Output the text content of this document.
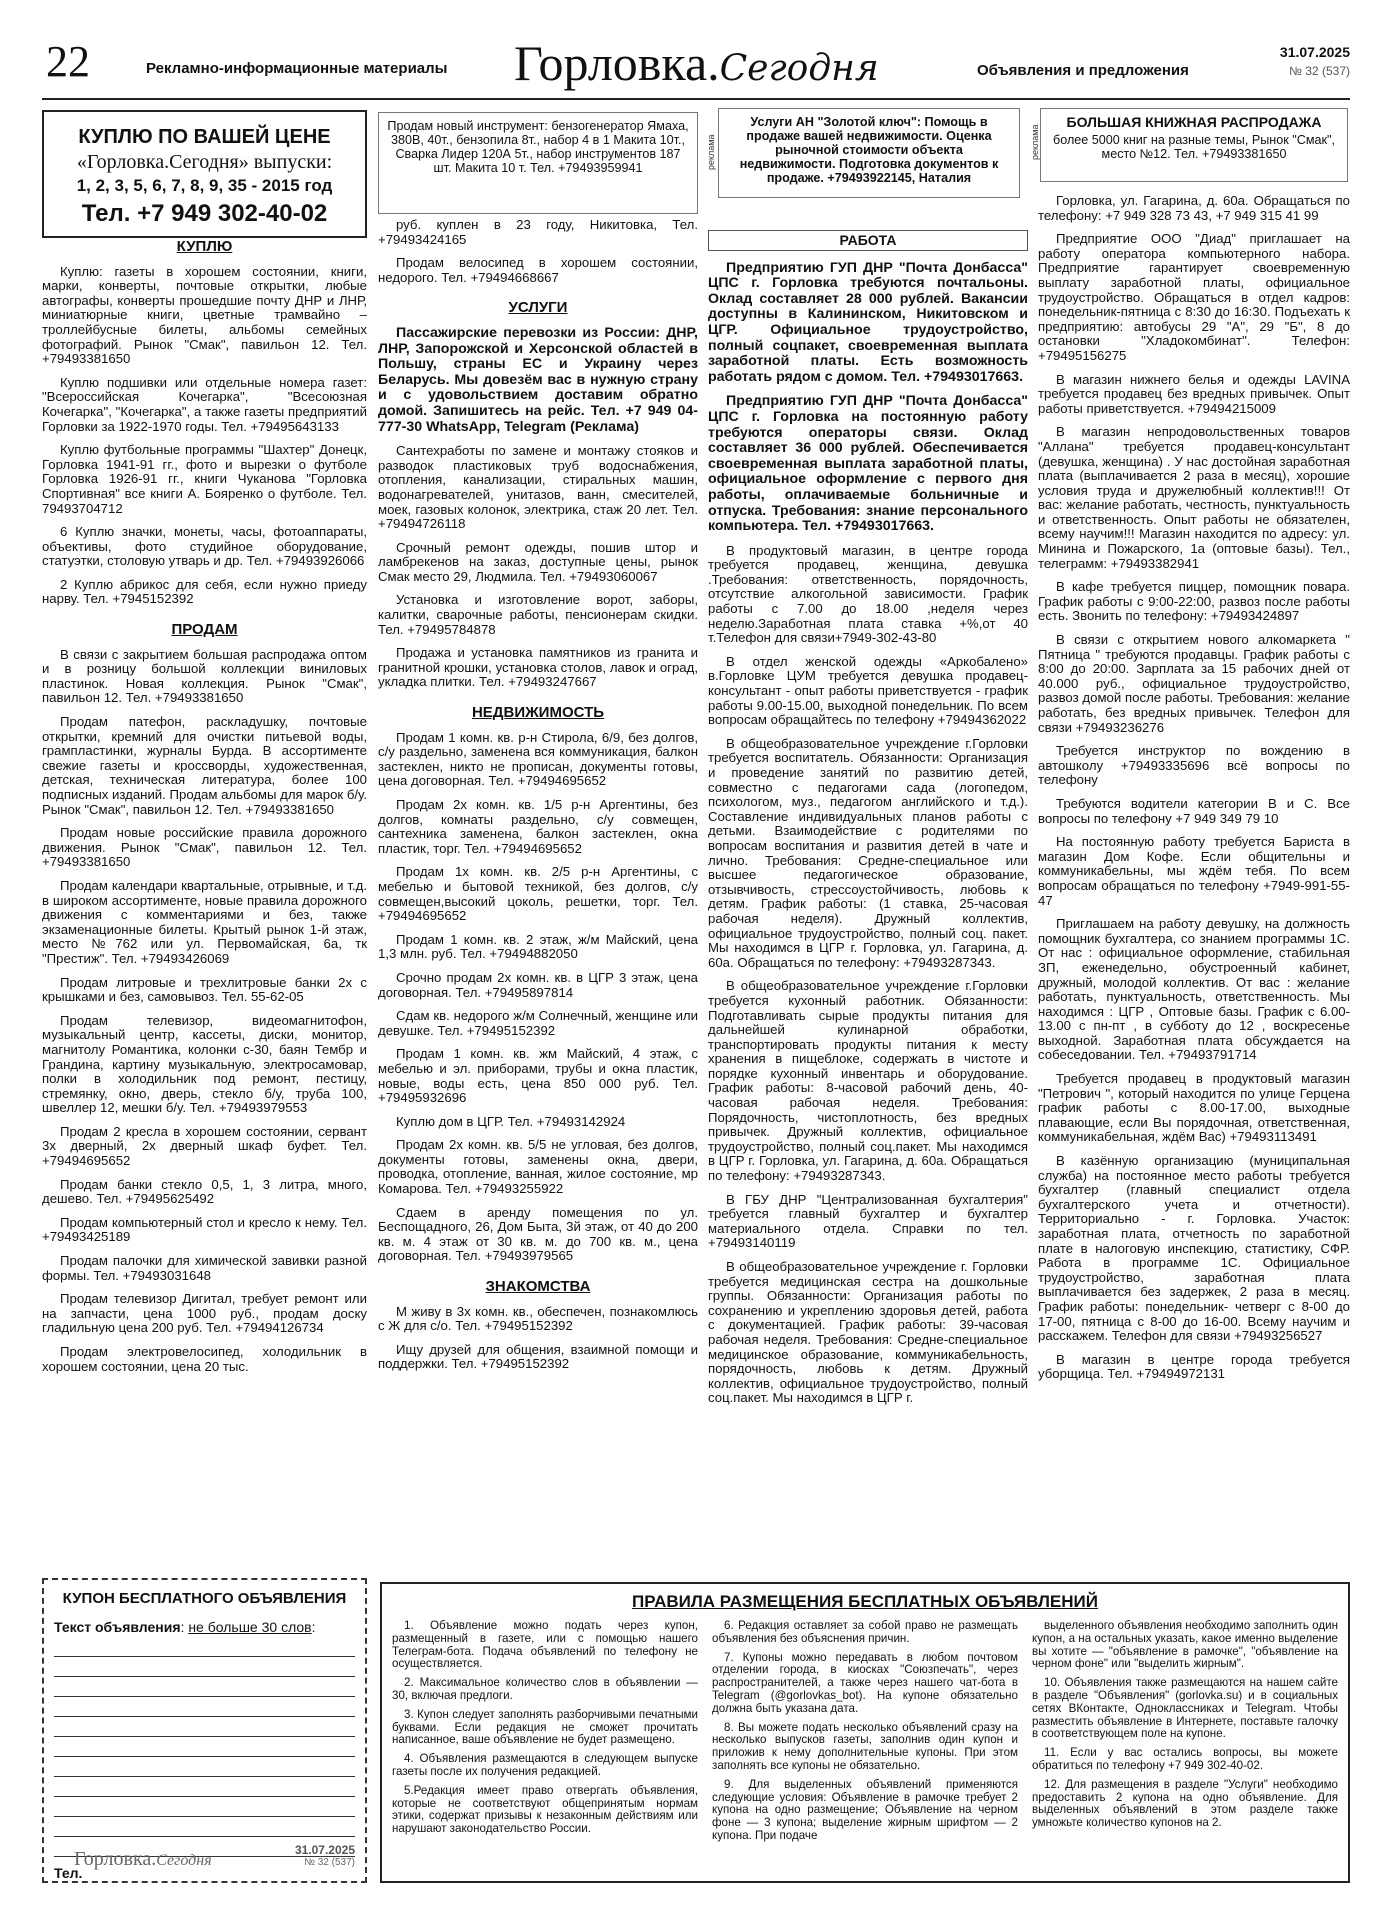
22	Рекламно-информационные материалы Горловка.Сегодня	Объявления и предложения
31.07.2025
№ 32 (537)
КУПЛЮ ПО ВАШЕЙ ЦЕНЕ
«Горловка.Сегодня» выпуски:
1, 2, 3, 5, 6, 7, 8, 9, 35 - 2015 год
Тел. +7 949 302-40-02
Продам новый инструмент: бензогенератор Ямаха, 380В, 40т., бензопила 8т., набор 4 в 1 Макита 10т., Сварка Лидер 120А 5т., набор инструментов 187 шт. Макита 10 т. Тел. +79493959941	реклама
Услуги АН "Золотой ключ": Помощь в продаже вашей недвижимости. Оценка рыночной стоимости объекта недвижимости. Подготовка документов к продаже. +79493922145, Наталия
реклама
БОЛЬШАЯ КНИЖНАЯ РАСПРОДАЖА
более 5000 книг на разные темы, Рынок "Смак", место №12. Тел. +79493381650
КУПЛЮ

Куплю: газеты в хорошем состоянии, книги, марки, конверты, почтовые открытки, любые автографы, конверты прошедшие почту ДНР и ЛНР, миниатюрные книги, цветные трамвайно – троллейбусные билеты, альбомы семейных фотографий. Рынок "Смак", павильон 12. Тел. +79493381650

Куплю подшивки или отдельные номера газет: "Всероссийская Кочегарка", "Всесоюзная Кочегарка", "Кочегарка", а также газеты предприятий Горловки за 1922-1970 годы. Тел. +79495643133

Куплю футбольные программы "Шахтер" Донецк, Горловка 1941-91 гг., фото и вырезки о футболе Горловка 1926-91 гг., книги Чуканова "Горловка Спортивная" все книги А. Бояренко о футболе. Тел. 79493704712

6 Куплю значки, монеты, часы, фотоаппараты, объективы, фото студийное оборудование, статуэтки, столовую утварь и др. Тел. +79493926066

2 Куплю абрикос для себя, если нужно приеду нарву. Тел. +7945152392

ПРОДАМ

В связи с закрытием большая распродажа оптом и в розницу большой коллекции виниловых пластинок. Новая коллекция. Рынок "Смак", павильон 12. Тел. +79493381650

Продам патефон, раскладушку, почтовые открытки, кремний для очистки питьевой воды, грампластинки, журналы Бурда. В ассортименте свежие газеты и кроссворды, художественная, детская, техническая литература, более 100 подписных изданий. Продам альбомы для марок б/у. Рынок "Смак", павильон 12. Тел. +79493381650

Продам новые российские правила дорожного движения. Рынок "Смак", павильон 12. Тел. +79493381650

Продам календари квартальные, отрывные, и т.д. в широком ассортименте, новые правила дорожного движения с комментариями и без, также экзаменационные билеты. Крытый рынок 1-й этаж, место №762 или ул. Первомайская, 6а, тк "Престиж". Тел. +79493426069

Продам литровые и трехлитровые банки 2х с крышками и без, самовывоз. Тел. 55-62-05

Продам телевизор, видеомагнитофон, музыкальный центр, кассеты, диски, монитор, магнитолу Романтика, колонки с-30, баян Тембр и Грандина, картину музыкальную, электросамовар, полки в холодильник под ремонт, пестицу, стремянку, окно, дверь, стекло б/у, труба 100, швеллер 12, мешки б/у. Тел. +79493979553

Продам 2 кресла в хорошем состоянии, сервант 3х дверный, 2х дверный шкаф буфет. Тел. +79494695652

Продам банки стекло 0,5, 1, 3 литра, много, дешево. Тел. +79495625492

Продам компьютерный стол и кресло к нему. Тел. +79493425189

Продам палочки для химической завивки разной формы. Тел. +79493031648

Продам телевизор Дигитал, требует ремонт или на запчасти, цена 1000 руб., продам доску гладильную цена 200 руб. Тел. +79494126734

Продам электровелосипед, холодильник в хорошем состоянии, цена 20 тыс.

руб. куплен в 23 году, Никитовка, Тел. +79493424165

Продам велосипед в хорошем состоянии, недорого. Тел. +79494668667

УСЛУГИ

Пассажирские перевозки из России: ДНР, ЛНР, Запорожской и Херсонской областей в Польшу, страны ЕС и Украину через Беларусь. Мы довезём вас в нужную страну и с удовольствием доставим обратно домой. Запишитесь на рейс. Тел. +7 949 04-777-30 WhatsApp, Telegram (Реклама)

Сантехработы по замене и монтажу стояков и разводок пластиковых труб водоснабжения, отопления, канализации, стиральных машин, водонагревателей, унитазов, ванн, смесителей, моек, газовых колонок, электрика, стаж 20 лет. Тел. +79494726118

Срочный ремонт одежды, пошив штор и ламбрекенов на заказ, доступные цены, рынок Смак место 29, Людмила. Тел. +79493060067

Установка и изготовление ворот, заборы, калитки, сварочные работы, пенсионерам скидки. Тел. +79495784878

Продажа и установка памятников из гранита и гранитной крошки, установка столов, лавок и оград, укладка плитки. Тел. +79493247667

НЕДВИЖИМОСТЬ

Продам 1 комн. кв. р-н Стирола, 6/9, без долгов, с/у раздельно, заменена вся коммуникация, балкон застеклен, никто не прописан, документы готовы, цена договорная. Тел. +79494695652

Продам 2х комн. кв. 1/5 р-н Аргентины, без долгов, комнаты раздельно, с/у совмещен, сантехника заменена, балкон застеклен, окна пластик, торг. Тел. +79494695652

Продам 1х комн. кв. 2/5 р-н Аргентины, с мебелью и бытовой техникой, без долгов, с/у совмещен,высокий цоколь, решетки, торг. Тел. +79494695652

Продам 1 комн. кв. 2 этаж, ж/м Майский, цена 1,3 млн. руб. Тел. +79494882050

Срочно продам 2х комн. кв. в ЦГР 3 этаж, цена договорная. Тел. +79495897814

Сдам кв. недорого ж/м Солнечный, женщине или девушке. Тел. +79495152392

Продам 1 комн. кв. жм Майский, 4 этаж, с мебелью и эл. приборами, трубы и окна пластик, новые, воды есть, цена 850 000 руб. Тел. +79495932696

Куплю дом в ЦГР. Тел. +79493142924

Продам 2х комн. кв. 5/5 не угловая, без долгов, документы готовы, заменены окна, двери, проводка, отопление, ванная, жилое состояние, мр Комарова. Тел. +79493255922

Сдаем в аренду помещения по ул. Беспощадного, 26, Дом Быта, 3й этаж, от 40 до 200 кв. м. 4 этаж от 30 кв. м. до 700 кв. м., цена договорная. Тел. +79493979565

ЗНАКОМСТВА

М живу в 3х комн. кв., обеспечен, познакомлюсь с Ж для с/о. Тел. +79495152392

Ищу друзей для общения, взаимной помощи и поддержки. Тел. +79495152392

РАБОТА

Предприятию ГУП ДНР "Почта Донбасса" ЦПС г. Горловка требуются почтальоны. Оклад составляет 28 000 рублей. Вакансии доступны в Калининском, Никитовском и ЦГР. Официальное трудоустройство, полный соцпакет, своевременная выплата заработной платы. Есть возможность работать рядом с домом. Тел. +79493017663.

Предприятию ГУП ДНР "Почта Донбасса" ЦПС г. Горловка на постоянную работу требуются операторы связи. Оклад составляет 36 000 рублей. Обеспечивается своевременная выплата заработной платы, официальное оформление с первого дня работы, оплачиваемые больничные и отпуска. Требования: знание персонального компьютера. Тел. +79493017663.

В продуктовый магазин, в центре города требуется продавец, женщина, девушка .Требования: ответственность, порядочность, отсутствие алкогольной зависимости. График работы с 7.00 до 18.00 ,неделя через неделю.Заработная плата ставка +%,от 40 т.Телефон для связи+7949-302-43-80

В отдел женской одежды «Аркобалено» в.Горловке ЦУМ требуется девушка продавец- консультант - опыт работы приветствуется - график работы 9.00-15.00, выходной понедельник. По всем вопросам обращайтесь по телефону +79494362022

В общеобразовательное учреждение г.Горловки требуется воспитатель. Обязанности: Организация и проведение занятий по развитию детей, совместно с педагогами сада (логопедом, психологом, муз., педагогом английского и т.д.). Составление индивидуальных планов работы с детьми. Взаимодействие с родителями по вопросам воспитания и развития детей в чате и лично. Требования: Средне-специальное или высшее педагогическое образование, отзывчивость, стрессоустойчивость, любовь к детям. График работы: (1 ставка, 25-часовая рабочая неделя). Дружный коллектив, официальное трудоустройство, полный соц. пакет. Мы находимся в ЦГР г. Горловка, ул. Гагарина, д. 60а. Обращаться по телефону: +79493287343.

В общеобразовательное учреждение г.Горловки требуется кухонный работник. Обязанности: Подготавливать сырые продукты питания для дальнейшей кулинарной обработки, транспортировать продукты питания к месту хранения в пищеблоке, содержать в чистоте и порядке кухонный инвентарь и оборудование. График работы: 8-часовой рабочий день, 40-часовая рабочая неделя. Требования: Порядочность, чистоплотность, без вредных привычек. Дружный коллектив, официальное трудоустройство, полный соц.пакет. Мы находимся в ЦГР г. Горловка, ул. Гагарина, д. 60а. Обращаться по телефону: +79493287343.

В ГБУ ДНР "Централизованная бухгалтерия" требуется главный бухгалтер и бухгалтер материального отдела. Справки по тел. +79493140119

В общеобразовательное учреждение г. Горловки требуется медицинская сестра на дошкольные группы. Обязанности: Организация работы по сохранению и укреплению здоровья детей, работа с документацией. График работы: 39-часовая рабочая неделя. Требования: Средне-специальное медицинское образование, коммуникабельность, порядочность, любовь к детям. Дружный коллектив, официальное трудоустройство, полный соц.пакет. Мы находимся в ЦГР г.

Горловка, ул. Гагарина, д. 60а. Обращаться по телефону: +7 949 328 73 43, +7 949 315 41 99

Предприятие ООО "Диад" приглашает на работу оператора компьютерного набора. Предприятие гарантирует своевременную выплату заработной платы, официальное трудоустройство. Обращаться в отдел кадров: понедельник-пятница с 8:30 до 16:30. Подъехать к предприятию: автобусы 29 "А", 29 "Б", 8 до остановки "Хладокомбинат". Телефон: +79495156275

В магазин нижнего белья и одежды LAVINA требуется продавец без вредных привычек. Опыт работы приветствуется. +79494215009

В магазин непродовольственных товаров "Аллана" требуется продавец-консультант (девушка, женщина) . У нас достойная заработная плата (выплачивается 2 раза в месяц), хорошие условия труда и дружелюбный коллектив!!! От вас: желание работать, честность, пунктуальность и ответственность. Опыт работы не обязателен, всему научим!!! Магазин находится по адресу: ул. Минина и Пожарского, 1а (оптовые базы). Тел., телеграмм: +79493382941

В кафе требуется пиццер, помощник повара. График работы с 9:00-22:00, развоз после работы есть. Звонить по телефону: +79493424897

В связи с открытием нового алкомаркета " Пятница " требуются продавцы. График работы с 8:00 до 20:00. Зарплата за 15 рабочих дней от 40.000 руб., официальное трудоустройство, развоз домой после работы. Требования: желание работать, без вредных привычек. Телефон для связи +79493236276

Требуется инструктор по вождению в автошколу +79493335696 всё вопросы по телефону

Требуются водители категории В и С. Все вопросы по телефону +7 949 349 79 10

На постоянную работу требуется Бариста в магазин Дом Кофе. Если общительны и коммуникабельны, мы ждём тебя. По всем вопросам обращаться по телефону +7949-991-55-47

Приглашаем на работу девушку, на должность помощник бухгалтера, со знанием программы 1С. От нас : официальное оформление, стабильная ЗП, еженедельно, обустроенный кабинет, дружный, молодой коллектив. От вас : желание работать, пунктуальность, ответственность. Мы находимся : ЦГР , Оптовые базы. График с 6.00-13.00 с пн-пт , в субботу до 12 , воскресенье выходной. Заработная плата обсуждается на собеседовании. Тел. +79493791714

Требуется продавец в продуктовый магазин "Петрович ", который находится по улице Герцена график работы с 8.00-17.00, выходные плавающие, если Вы порядочная, ответственная, коммуникабельная, ждём Вас) +79493113491

В казённую организацию (муниципальная служба) на постоянное место работы требуется бухгалтер (главный специалист отдела бухгалтерского учета и отчетности). Территориально - г. Горловка. Участок: заработная плата, отчетность по заработной плате в налоговую инспекцию, статистику, СФР. Работа в программе 1С. Официальное трудоустройство, заработная плата выплачивается без задержек, 2 раза в месяц. График работы: понедельник- четверг с 8-00 до 17-00, пятница с 8-00 до 16-00. Всему научим и расскажем. Телефон для связи +79493256527

В магазин в центре города требуется уборщица. Тел. +79494972131

КУПОН БЕСПЛАТНОГО ОБЪЯВЛЕНИЯ
Текст объявления: не больше 30 слов:
Тел.
Горловка.Сегодня
31.07.2025
№ 32 (537)
ПРАВИЛА РАЗМЕЩЕНИЯ БЕСПЛАТНЫХ ОБЪЯВЛЕНИЙ

1. Объявление можно подать через купон, размещенный в газете, или с помощью нашего Телеграм-бота. Подача объявлений по телефону не осуществляется.

2. Максимальное количество слов в объявлении — 30, включая предлоги.

3. Купон следует заполнять разборчивыми печатными буквами. Если редакция не сможет прочитать написанное, ваше объявление не будет размещено.

4. Объявления размещаются в следующем выпуске газеты после их получения редакцией.

5.Редакция имеет право отвергать объявления, которые не соответствуют общепринятым нормам этики, содержат призывы к незаконным действиям или нарушают законодательство России.

6. Редакция оставляет за собой право не размещать объявления без объяснения причин.

7. Купоны можно передавать в любом почтовом отделении города, в киосках "Союзпечать", через распространителей, а также через нашего чат-бота в Telegram (@gorlovkas_bot). На купоне обязательно должна быть указана дата.

8. Вы можете подать несколько объявлений сразу на несколько выпусков газеты, заполнив один купон и приложив к нему дополнительные купоны. При этом заполнять все купоны не обязательно.

9. Для выделенных объявлений применяются следующие условия: Объявление в рамочке требует 2 купона на одно размещение; Объявление на черном фоне — 3 купона; выделение жирным шрифтом — 2 купона. При подаче

выделенного объявления необходимо заполнить один купон, а на остальных указать, какое именно выделение вы хотите — "объявление в рамочке", "объявление на черном фоне" или "выделить жирным".

10. Объявления также размещаются на нашем сайте в разделе "Объявления" (gorlovka.su) и в социальных сетях ВКонтакте, Одноклассниках и Telegram. Чтобы разместить объявление в Интернете, поставьте галочку в соответствующем поле на купоне.

11. Если у вас остались вопросы, вы можете обратиться по телефону +7 949 302-40-02.

12. Для размещения в разделе "Услуги" необходимо предоставить 2 купона на одно объявление. Для выделенных объявлений в этом разделе также умножьте количество купонов на 2.
